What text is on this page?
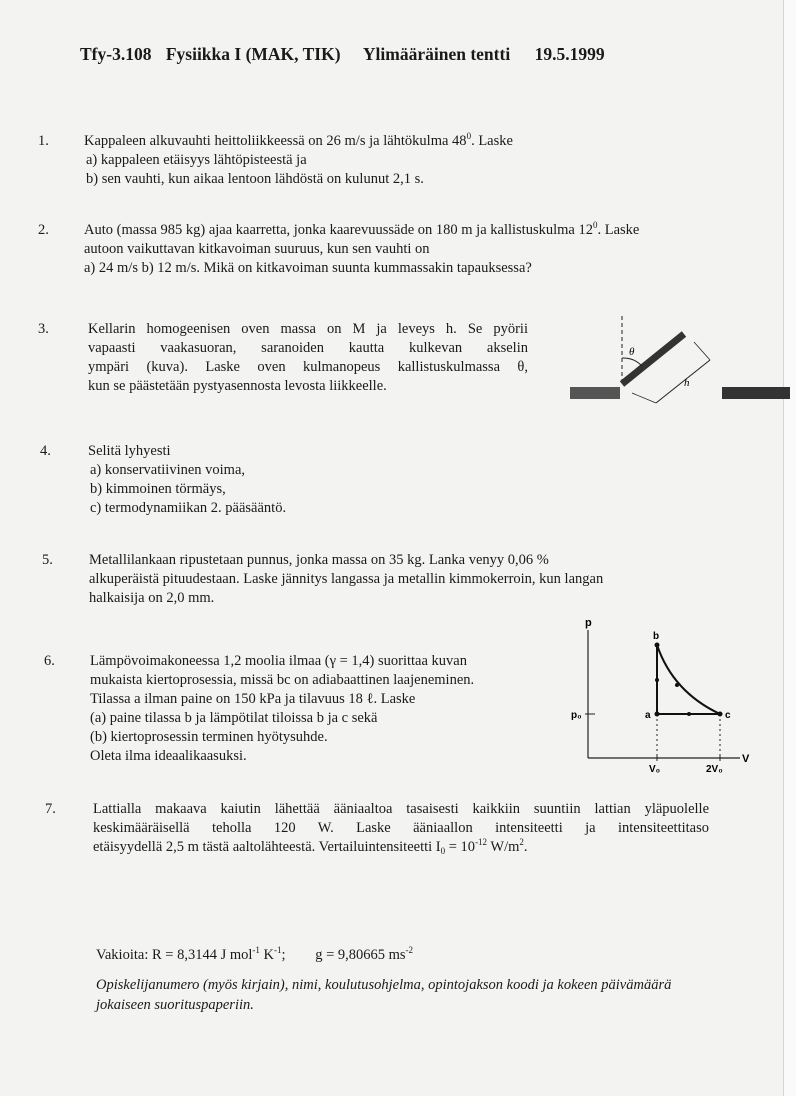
Tfy-3.108 Fysiikka I (MAK, TIK) Ylimääräinen tentti 19.5.1999
1. Kappaleen alkuvauhti heittoliikkeessä on 26 m/s ja lähtökulma $48^0$. Laske
a) kappaleen etäisyys lähtöpisteestä ja
b) sen vauhti, kun aikaa lentoon lähdöstä on kulunut 2,1 s.
2. Auto (massa 985 kg) ajaa kaarretta, jonka kaarevuussäde on 180 m ja kallistuskulma $12^0$. Laske
autoon vaikuttavan kitkavoiman suuruus, kun sen vauhti on
a) 24 m/s b) 12 m/s. Mikä on kitkavoiman suunta kummassakin tapauksessa?
3.	Kellarin homogeenisen oven massa on M ja leveys h. Se pyörii
vapaasti vaakasuoran, saranoiden kautta kulkevan akselin
ympäri (kuva). Laske oven kulmanopeus kallistuskulmassa θ,
kun se päästetään pystyasennosta levosta liikkeelle.
θ
h
4.	Selitä lyhyesti
a) konservatiivinen voima,
b) kimmoinen törmäys,
c) termodynamiikan 2. pääsääntö.
5. Metallilankaan ripustetaan punnus, jonka massa on 35 kg. Lanka venyy 0,06 %
alkuperäistä pituudestaan. Laske jännitys langassa ja metallin kimmokerroin, kun langan
halkaisija on 2,0 mm.
6. Lämpövoimakoneessa 1,2 moolia ilmaa (γ = 1,4) suorittaa kuvan
mukaista kiertoprosessia, missä bc on adiabaattinen laajeneminen.
Tilassa a ilman paine on 150 kPa ja tilavuus 18 ℓ. Laske
(a) paine tilassa b ja lämpötilat tiloissa b ja c sekä
(b) kiertoprosessin terminen hyötysuhde.
Oleta ilma ideaalikaasuksi.
p
V
p₀
V₀	2V₀
a
b
c
7.	Lattialla makaava kaiutin lähettää ääniaaltoa tasaisesti kaikkiin suuntiin lattian yläpuolelle
keskimääräisellä teholla 120 W. Laske ääniaallon intensiteetti ja intensiteettitaso
etäisyydellä 2,5 m tästä aaltolähteestä. Vertailuintensiteetti $I_0 = 10^{-12}$ $W/m^2$.
Vakioita: R = 8,3144 J mol$^{-1}$ $K^{-1}$; g = 9,80665 $ms^{-2}$
Opiskelijanumero (myös kirjain), nimi, koulutusohjelma, opintojakson koodi ja kokeen päivämäärä jokaiseen suorituspaperiin.
